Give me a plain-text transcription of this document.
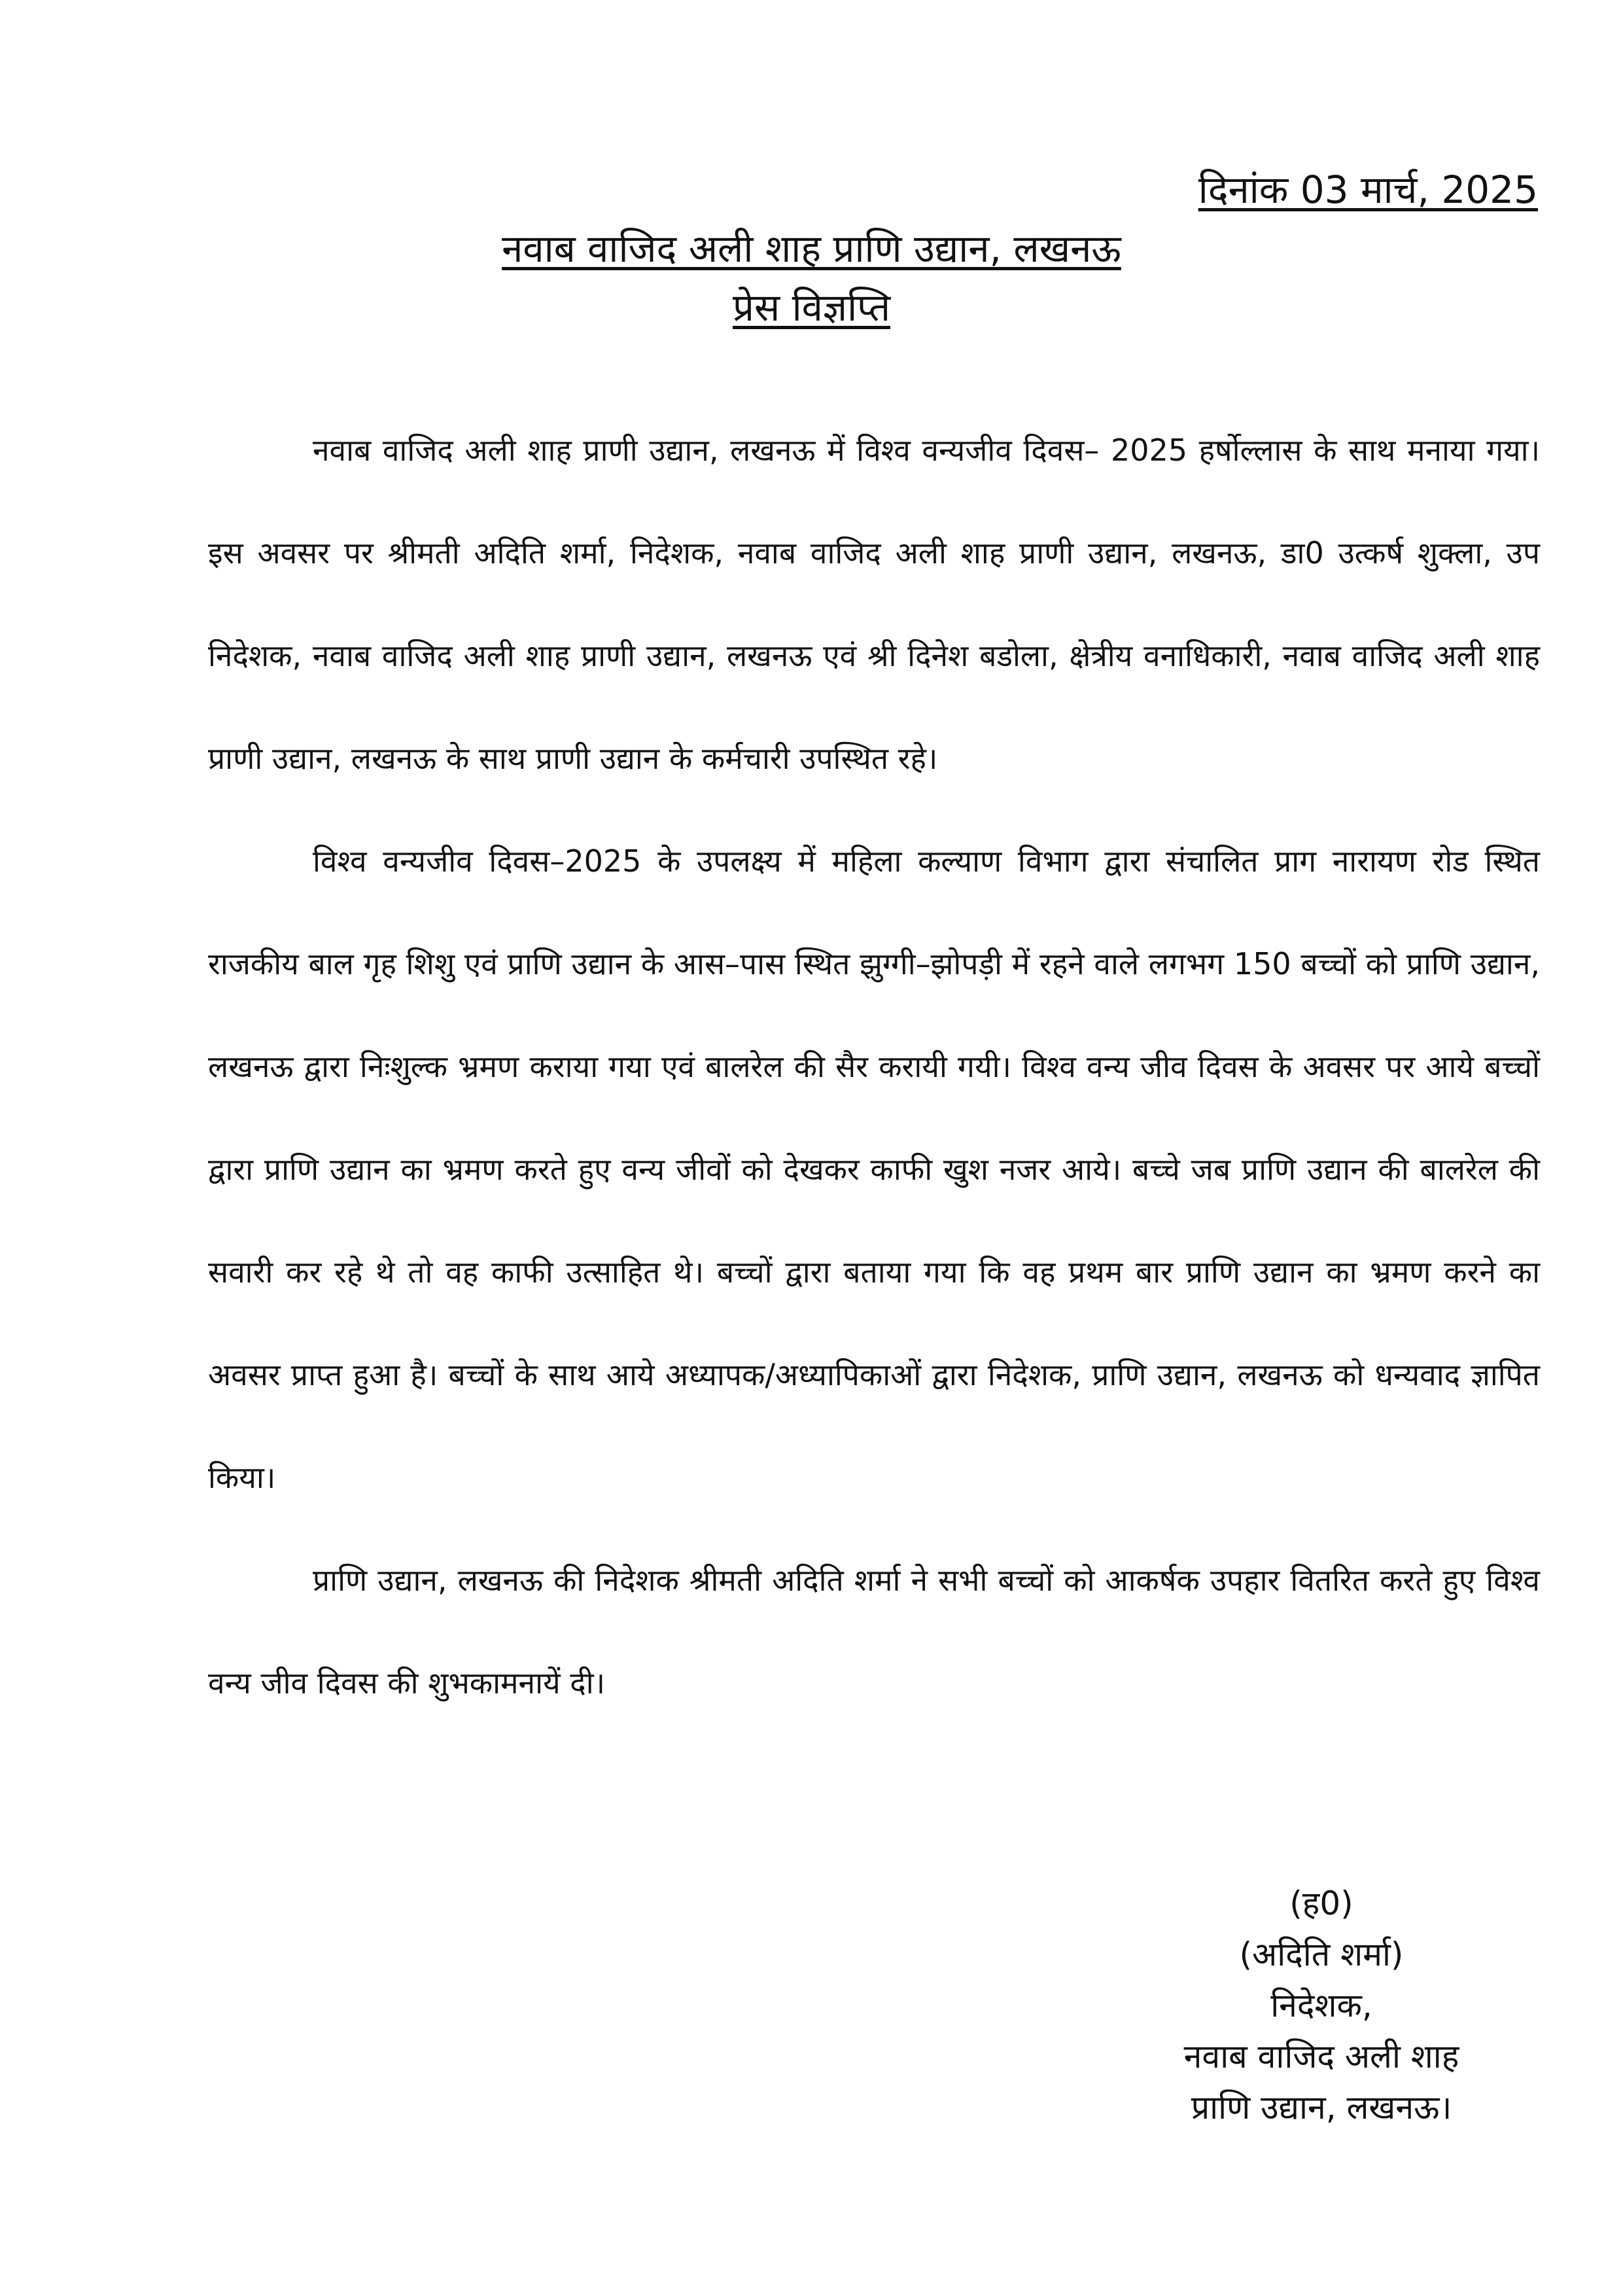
दिनांक 03 मार्च, 2025
नवाब वाजिद अली शाह प्राणि उद्यान, लखनऊ
प्रेस विज्ञप्ति

नवाब वाजिद अली शाह प्राणी उद्यान, लखनऊ में विश्व वन्यजीव दिवस– 2025 हर्षोल्लास के साथ मनाया गया। इस अवसर पर श्रीमती अदिति शर्मा, निदेशक, नवाब वाजिद अली शाह प्राणी उद्यान, लखनऊ, डा0 उत्कर्ष शुक्ला, उप निदेशक, नवाब वाजिद अली शाह प्राणी उद्यान, लखनऊ एवं श्री दिनेश बडोला, क्षेत्रीय वनाधिकारी, नवाब वाजिद अली शाह प्राणी उद्यान, लखनऊ के साथ प्राणी उद्यान के कर्मचारी उपस्थित रहे।

विश्व वन्यजीव दिवस–2025 के उपलक्ष्य में महिला कल्याण विभाग द्वारा संचालित प्राग नारायण रोड स्थित राजकीय बाल गृह शिशु एवं प्राणि उद्यान के आस–पास स्थित झुग्गी–झोपड़ी में रहने वाले लगभग 150 बच्चों को प्राणि उद्यान, लखनऊ द्वारा निःशुल्क भ्रमण कराया गया एवं बालरेल की सैर करायी गयी। विश्व वन्य जीव दिवस के अवसर पर आये बच्चों द्वारा प्राणि उद्यान का भ्रमण करते हुए वन्य जीवों को देखकर काफी खुश नजर आये। बच्चे जब प्राणि उद्यान की बालरेल की सवारी कर रहे थे तो वह काफी उत्साहित थे। बच्चों द्वारा बताया गया कि वह प्रथम बार प्राणि उद्यान का भ्रमण करने का अवसर प्राप्त हुआ है। बच्चों के साथ आये अध्यापक/अध्यापिकाओं द्वारा निदेशक, प्राणि उद्यान, लखनऊ को धन्यवाद ज्ञापित किया।

प्राणि उद्यान, लखनऊ की निदेशक श्रीमती अदिति शर्मा ने सभी बच्चों को आकर्षक उपहार वितरित करते हुए विश्व वन्य जीव दिवस की शुभकामनायें दी।

(ह0)
(अदिति शर्मा)
निदेशक,
नवाब वाजिद अली शाह
प्राणि उद्यान, लखनऊ।
